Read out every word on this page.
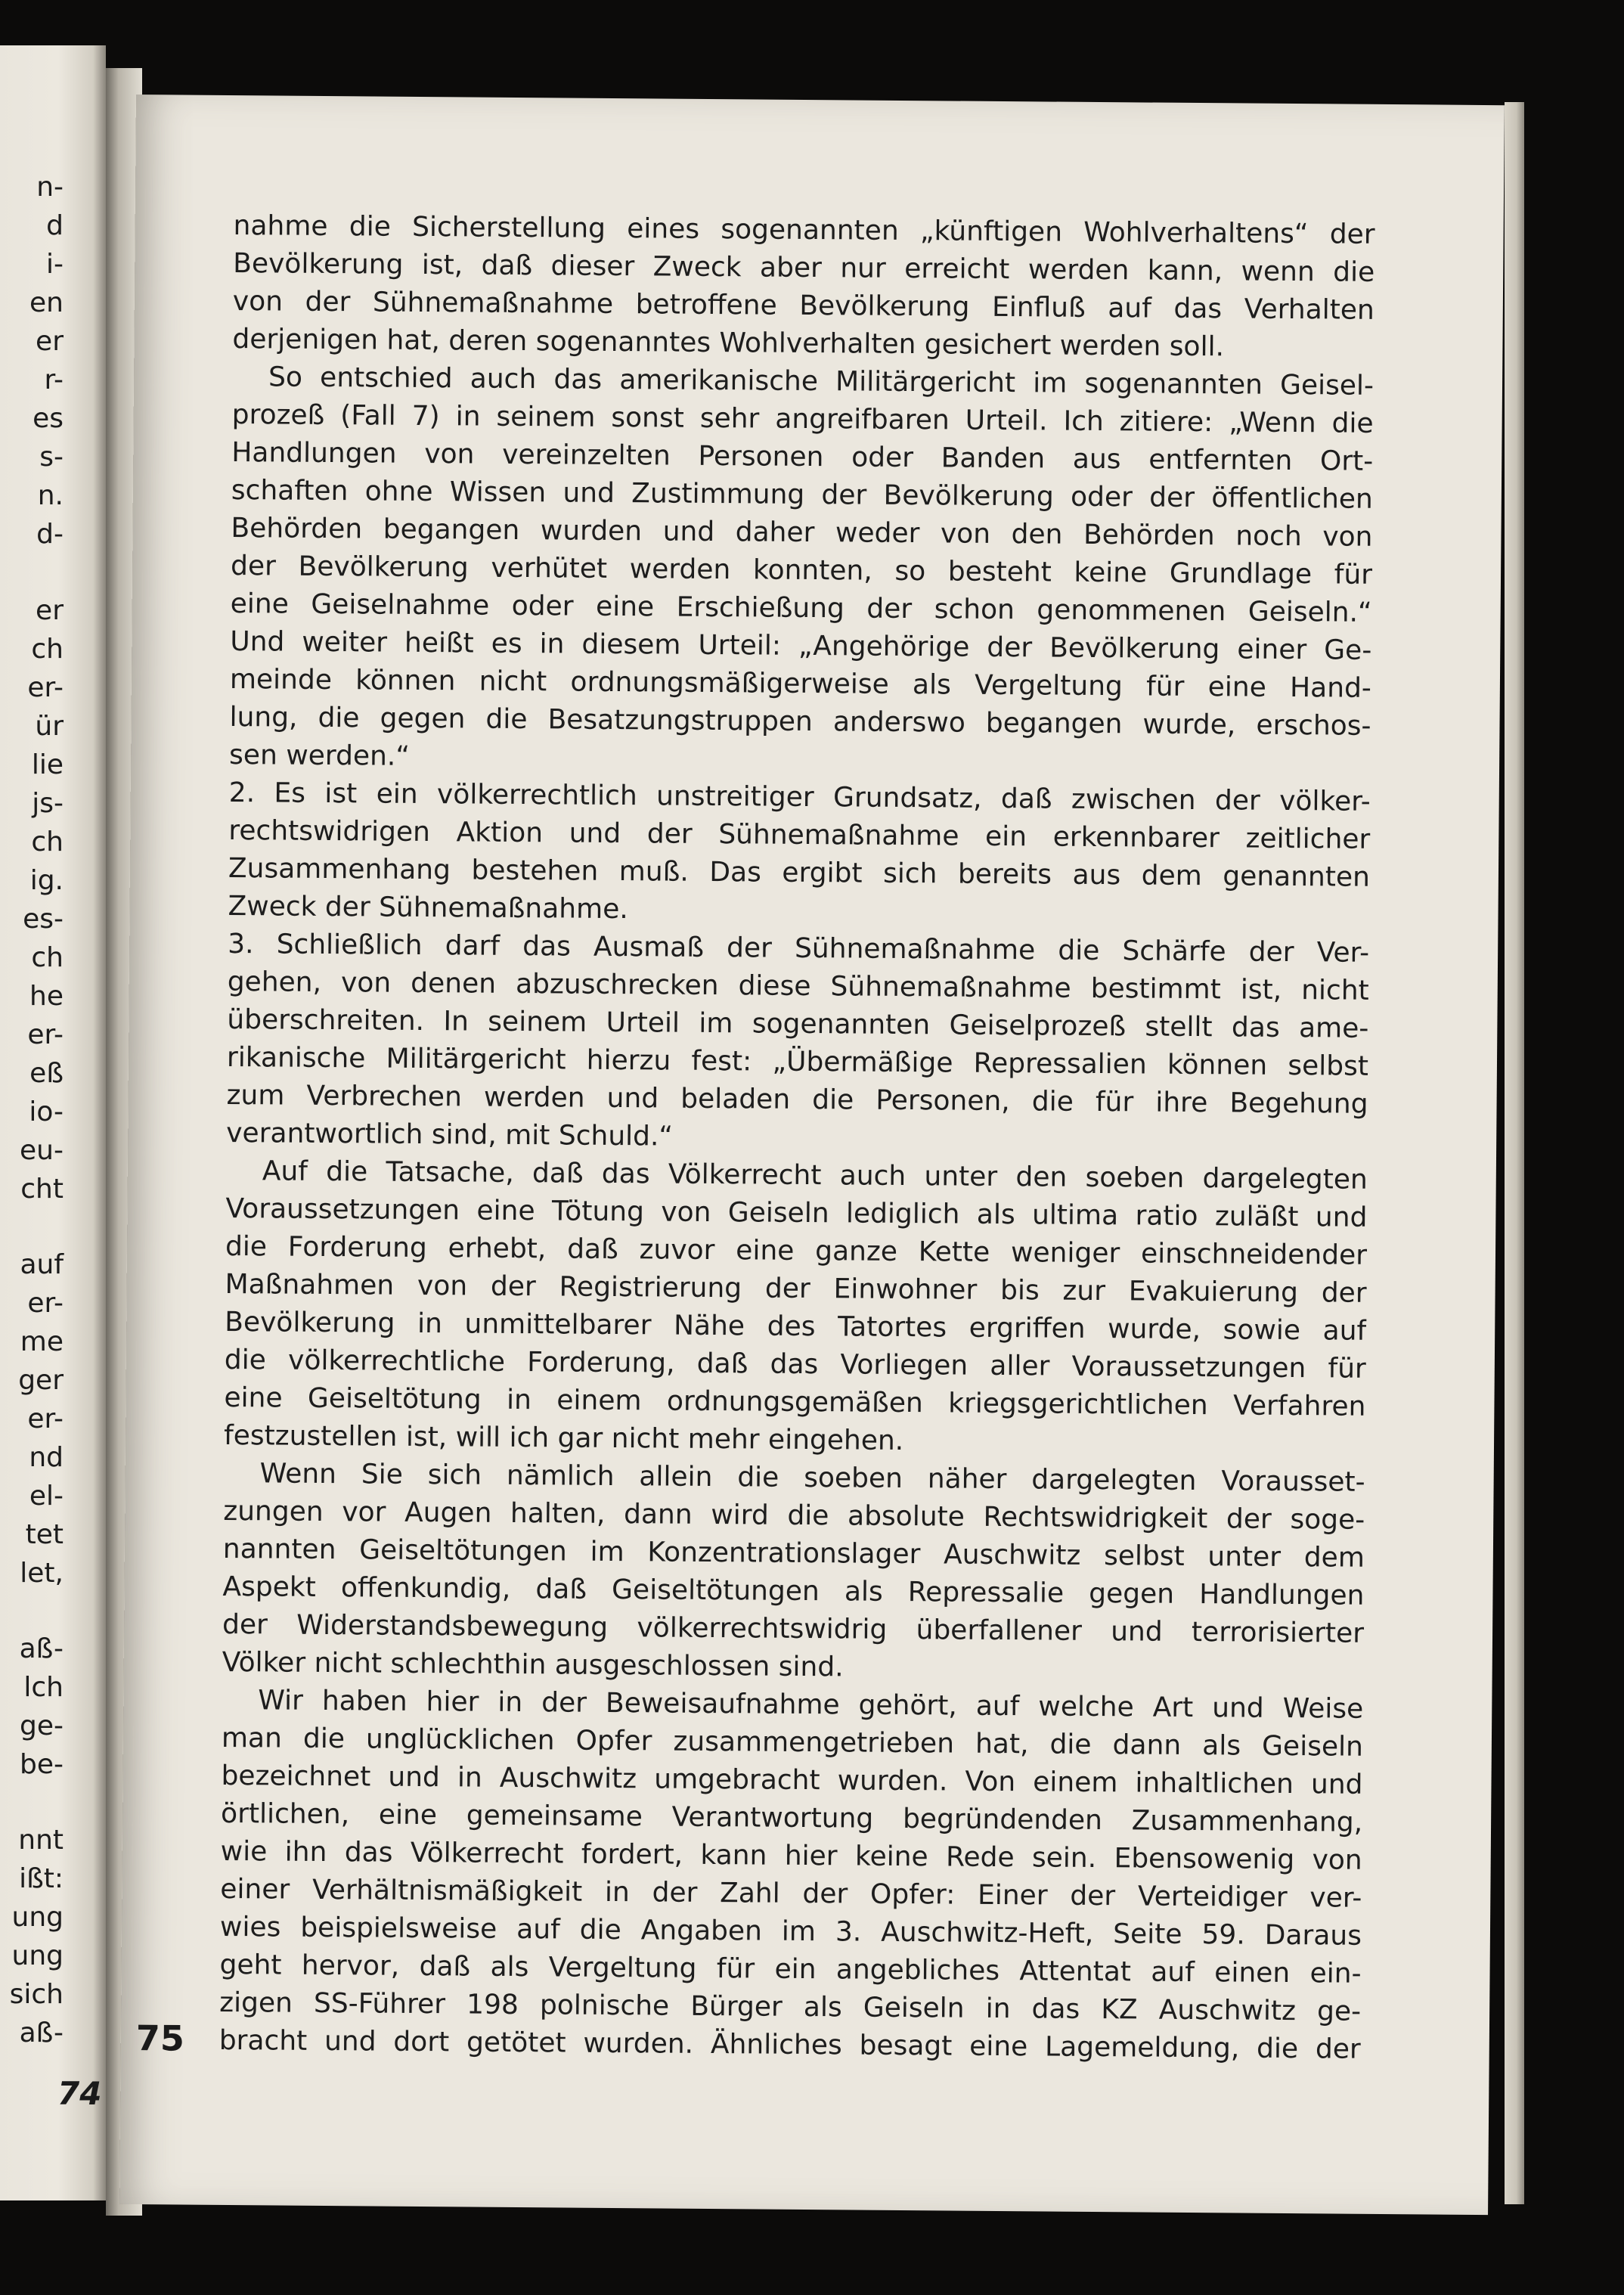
n-
d
i-
en
er
r-
es
s-
n.
d-
er
ch
er-
ür
lie
js-
ch
ig.
es-
ch
he
er-
eß
io-
eu-
cht
auf
er-
me
ger
er-
nd
el-
tet
let,
aß-
lch
ge-
be-
nnt
ißt:
ung
ung
sich
aß-
74
75
nahme die Sicherstellung eines sogenannten „künftigen Wohlverhaltens“ der
Bevölkerung ist, daß dieser Zweck aber nur erreicht werden kann, wenn die
von der Sühnemaßnahme betroffene Bevölkerung Einfluß auf das Verhalten
derjenigen hat, deren sogenanntes Wohlverhalten gesichert werden soll.
So entschied auch das amerikanische Militärgericht im sogenannten Geisel-
prozeß (Fall 7) in seinem sonst sehr angreifbaren Urteil. Ich zitiere: „Wenn die
Handlungen von vereinzelten Personen oder Banden aus entfernten Ort-
schaften ohne Wissen und Zustimmung der Bevölkerung oder der öffentlichen
Behörden begangen wurden und daher weder von den Behörden noch von
der Bevölkerung verhütet werden konnten, so besteht keine Grundlage für
eine Geiselnahme oder eine Erschießung der schon genommenen Geiseln.“
Und weiter heißt es in diesem Urteil: „Angehörige der Bevölkerung einer Ge-
meinde können nicht ordnungsmäßigerweise als Vergeltung für eine Hand-
lung, die gegen die Besatzungstruppen anderswo begangen wurde, erschos-
sen werden.“
2. Es ist ein völkerrechtlich unstreitiger Grundsatz, daß zwischen der völker-
rechtswidrigen Aktion und der Sühnemaßnahme ein erkennbarer zeitlicher
Zusammenhang bestehen muß. Das ergibt sich bereits aus dem genannten
Zweck der Sühnemaßnahme.
3. Schließlich darf das Ausmaß der Sühnemaßnahme die Schärfe der Ver-
gehen, von denen abzuschrecken diese Sühnemaßnahme bestimmt ist, nicht
überschreiten. In seinem Urteil im sogenannten Geiselprozeß stellt das ame-
rikanische Militärgericht hierzu fest: „Übermäßige Repressalien können selbst
zum Verbrechen werden und beladen die Personen, die für ihre Begehung
verantwortlich sind, mit Schuld.“
Auf die Tatsache, daß das Völkerrecht auch unter den soeben dargelegten
Voraussetzungen eine Tötung von Geiseln lediglich als ultima ratio zuläßt und
die Forderung erhebt, daß zuvor eine ganze Kette weniger einschneidender
Maßnahmen von der Registrierung der Einwohner bis zur Evakuierung der
Bevölkerung in unmittelbarer Nähe des Tatortes ergriffen wurde, sowie auf
die völkerrechtliche Forderung, daß das Vorliegen aller Voraussetzungen für
eine Geiseltötung in einem ordnungsgemäßen kriegsgerichtlichen Verfahren
festzustellen ist, will ich gar nicht mehr eingehen.
Wenn Sie sich nämlich allein die soeben näher dargelegten Vorausset-
zungen vor Augen halten, dann wird die absolute Rechtswidrigkeit der soge-
nannten Geiseltötungen im Konzentrationslager Auschwitz selbst unter dem
Aspekt offenkundig, daß Geiseltötungen als Repressalie gegen Handlungen
der Widerstandsbewegung völkerrechtswidrig überfallener und terrorisierter
Völker nicht schlechthin ausgeschlossen sind.
Wir haben hier in der Beweisaufnahme gehört, auf welche Art und Weise
man die unglücklichen Opfer zusammengetrieben hat, die dann als Geiseln
bezeichnet und in Auschwitz umgebracht wurden. Von einem inhaltlichen und
örtlichen, eine gemeinsame Verantwortung begründenden Zusammenhang,
wie ihn das Völkerrecht fordert, kann hier keine Rede sein. Ebensowenig von
einer Verhältnismäßigkeit in der Zahl der Opfer: Einer der Verteidiger ver-
wies beispielsweise auf die Angaben im 3. Auschwitz-Heft, Seite 59. Daraus
geht hervor, daß als Vergeltung für ein angebliches Attentat auf einen ein-
zigen SS-Führer 198 polnische Bürger als Geiseln in das KZ Auschwitz ge-
bracht und dort getötet wurden. Ähnliches besagt eine Lagemeldung, die der
